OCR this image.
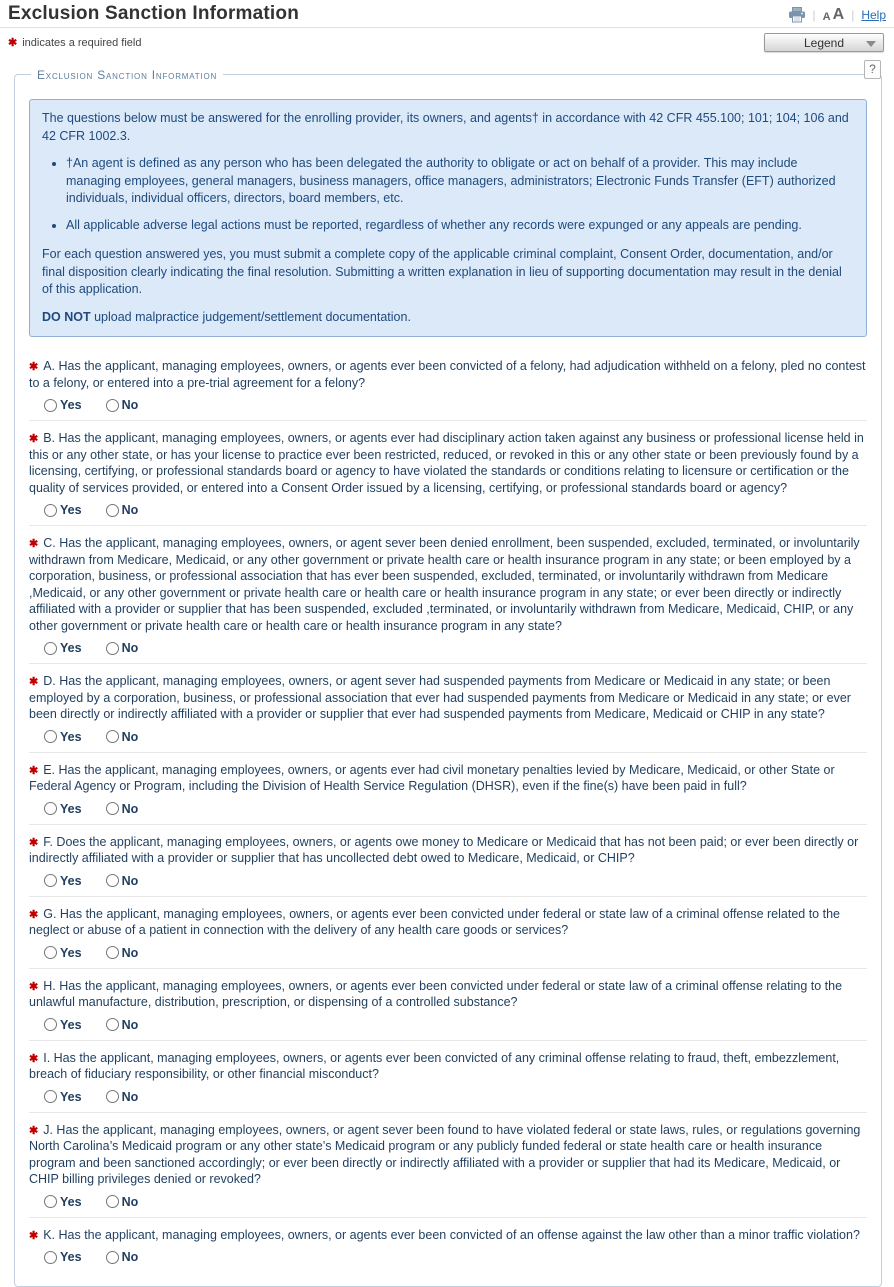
Exclusion Sanction Information	| A A | Help
✱ indicates a required field	Legend
Exclusion Sanction Information	?

The questions below must be answered for the enrolling provider, its owners, and agents† in accordance with 42 CFR 455.100; 101; 104; 106 and 42 CFR 1002.3.

• †An agent is defined as any person who has been delegated the authority to obligate or act on behalf of a provider. This may include managing employees, general managers, business managers, office managers, administrators; Electronic Funds Transfer (EFT) authorized individuals, individual officers, directors, board members, etc.
• All applicable adverse legal actions must be reported, regardless of whether any records were expunged or any appeals are pending.

For each question answered yes, you must submit a complete copy of the applicable criminal complaint, Consent Order, documentation, and/or final disposition clearly indicating the final resolution. Submitting a written explanation in lieu of supporting documentation may result in the denial of this application.

DO NOT upload malpractice judgement/settlement documentation.

✱ A. Has the applicant, managing employees, owners, or agents ever been convicted of a felony, had adjudication withheld on a felony, pled no contest to a felony, or entered into a pre-trial agreement for a felony?

Yes	No

✱ B. Has the applicant, managing employees, owners, or agents ever had disciplinary action taken against any business or professional license held in this or any other state, or has your license to practice ever been restricted, reduced, or revoked in this or any other state or been previously found by a licensing, certifying, or professional standards board or agency to have violated the standards or conditions relating to licensure or certification or the quality of services provided, or entered into a Consent Order issued by a licensing, certifying, or professional standards board or agency?

Yes	No

✱ C. Has the applicant, managing employees, owners, or agent sever been denied enrollment, been suspended, excluded, terminated, or involuntarily withdrawn from Medicare, Medicaid, or any other government or private health care or health insurance program in any state; or been employed by a corporation, business, or professional association that has ever been suspended, excluded, terminated, or involuntarily withdrawn from Medicare ,Medicaid, or any other government or private health care or health care or health insurance program in any state; or ever been directly or indirectly affiliated with a provider or supplier that has been suspended, excluded ,terminated, or involuntarily withdrawn from Medicare, Medicaid, CHIP, or any other government or private health care or health care or health insurance program in any state?

Yes	No

✱ D. Has the applicant, managing employees, owners, or agent sever had suspended payments from Medicare or Medicaid in any state; or been employed by a corporation, business, or professional association that ever had suspended payments from Medicare or Medicaid in any state; or ever been directly or indirectly affiliated with a provider or supplier that ever had suspended payments from Medicare, Medicaid or CHIP in any state?

Yes	No

✱ E. Has the applicant, managing employees, owners, or agents ever had civil monetary penalties levied by Medicare, Medicaid, or other State or Federal Agency or Program, including the Division of Health Service Regulation (DHSR), even if the fine(s) have been paid in full?

Yes	No

✱ F. Does the applicant, managing employees, owners, or agents owe money to Medicare or Medicaid that has not been paid; or ever been directly or indirectly affiliated with a provider or supplier that has uncollected debt owed to Medicare, Medicaid, or CHIP?

Yes	No

✱ G. Has the applicant, managing employees, owners, or agents ever been convicted under federal or state law of a criminal offense related to the neglect or abuse of a patient in connection with the delivery of any health care goods or services?

Yes	No

✱ H. Has the applicant, managing employees, owners, or agents ever been convicted under federal or state law of a criminal offense relating to the unlawful manufacture, distribution, prescription, or dispensing of a controlled substance?

Yes	No

✱ I. Has the applicant, managing employees, owners, or agents ever been convicted of any criminal offense relating to fraud, theft, embezzlement, breach of fiduciary responsibility, or other financial misconduct?

Yes	No

✱ J. Has the applicant, managing employees, owners, or agent sever been found to have violated federal or state laws, rules, or regulations governing North Carolina’s Medicaid program or any other state’s Medicaid program or any publicly funded federal or state health care or health insurance program and been sanctioned accordingly; or ever been directly or indirectly affiliated with a provider or supplier that had its Medicare, Medicaid, or CHIP billing privileges denied or revoked?

Yes	No

✱ K. Has the applicant, managing employees, owners, or agents ever been convicted of an offense against the law other than a minor traffic violation?

Yes	No
